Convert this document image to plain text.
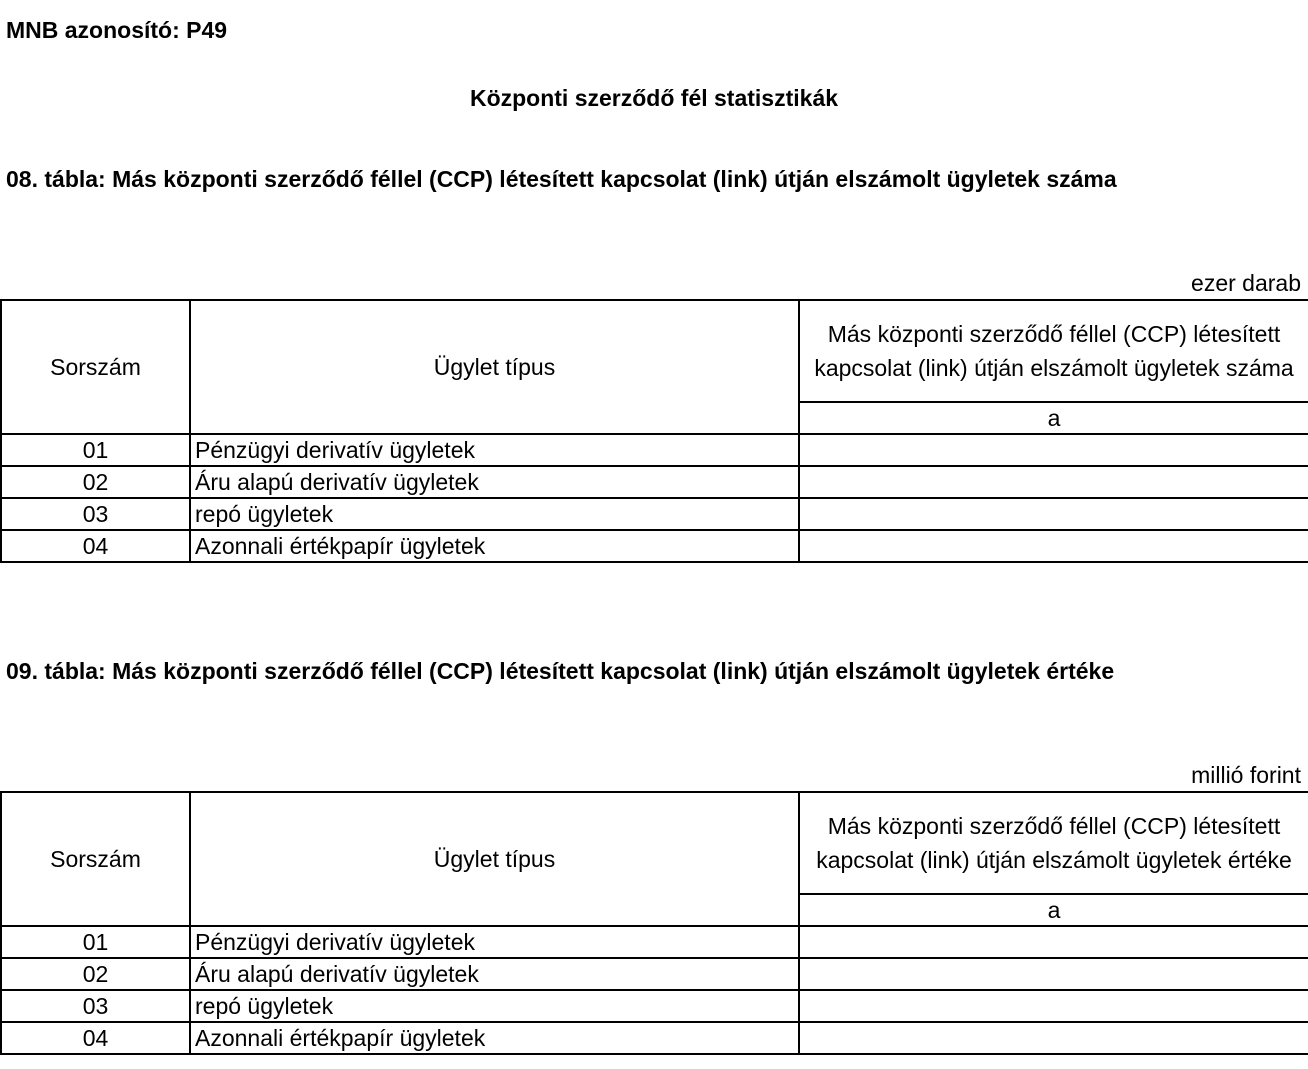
MNB azonosító: P49
Központi szerződő fél statisztikák
08. tábla: Más központi szerződő féllel (CCP) létesített kapcsolat (link) útján elszámolt ügyletek száma
ezer darab
Sorszám	Ügylet típus	Más központi szerződő féllel (CCP) létesített kapcsolat (link) útján elszámolt ügyletek száma
		a
01	Pénzügyi derivatív ügyletek	
02	Áru alapú derivatív ügyletek	
03	repó ügyletek	
04	Azonnali értékpapír ügyletek	
09. tábla: Más központi szerződő féllel (CCP) létesített kapcsolat (link) útján elszámolt ügyletek értéke
millió forint
Sorszám	Ügylet típus	Más központi szerződő féllel (CCP) létesített kapcsolat (link) útján elszámolt ügyletek értéke
		a
01	Pénzügyi derivatív ügyletek	
02	Áru alapú derivatív ügyletek	
03	repó ügyletek	
04	Azonnali értékpapír ügyletek	
